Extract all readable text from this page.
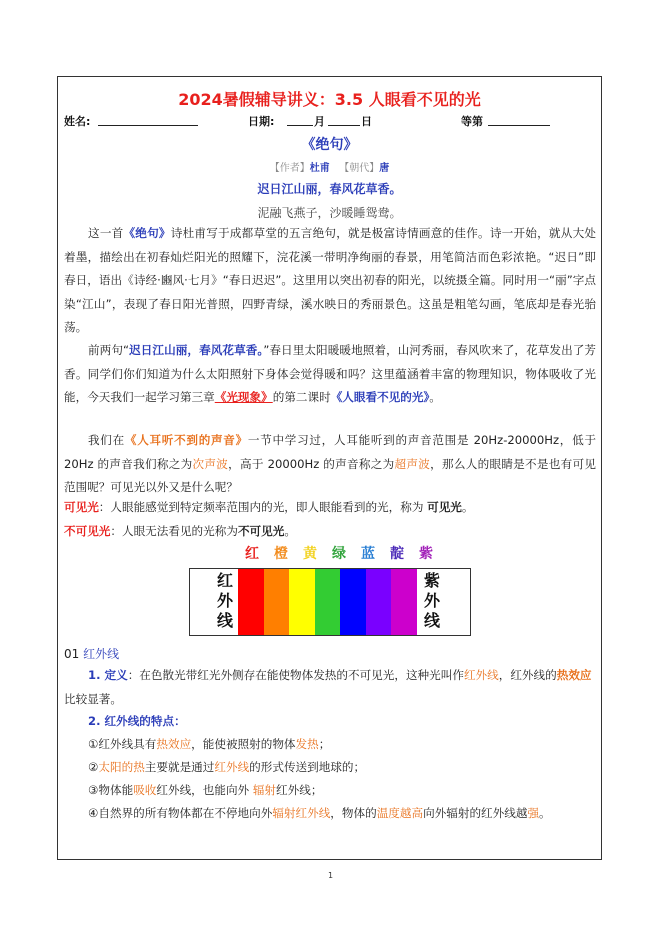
2024暑假辅导讲义：3.5 人眼看不见的光
姓名:	日期:	月	日	等第
《绝句》
【作者】杜甫 【朝代】唐
迟日江山丽，春风花草香。
泥融飞燕子，沙暖睡鸳鸯。
这一首《绝句》诗杜甫写于成都草堂的五言绝句，就是极富诗情画意的佳作。诗一开始，就从大处着墨，描绘出在初春灿烂阳光的照耀下，浣花溪一带明净绚丽的春景，用笔简洁而色彩浓艳。“迟日”即春日，语出《诗经·豳风·七月》“春日迟迟”。这里用以突出初春的阳光，以统摄全篇。同时用一“丽”字点染“江山”，表现了春日阳光普照，四野青绿，溪水映日的秀丽景色。这虽是粗笔勾画，笔底却是春光骀荡。
前两句“迟日江山丽，春风花草香。”春日里太阳暖暖地照着，山河秀丽，春风吹来了，花草发出了芳香。同学们你们知道为什么太阳照射下身体会觉得暖和吗？这里蕴涵着丰富的物理知识，物体吸收了光能，今天我们一起学习第三章《光现象》的第二课时《人眼看不见的光》。
我们在《人耳听不到的声音》一节中学习过，人耳能听到的声音范围是 20Hz-20000Hz，低于 20Hz 的声音我们称之为次声波，高于 20000Hz 的声音称之为超声波，那么人的眼睛是不是也有可见范围呢？可见光以外又是什么呢？
可见光：人眼能感觉到特定频率范围内的光，即人眼能看到的光，称为 可见光。
不可见光：人眼无法看见的光称为不可见光。
红 橙 黄 绿 蓝 靛 紫
红
外
线
紫
外
线
01 红外线
1. 定义：在色散光带红光外侧存在能使物体发热的不可见光，这种光叫作红外线，红外线的热效应比较显著。
2. 红外线的特点：
①红外线具有热效应，能使被照射的物体发热；
②太阳的热主要就是通过红外线的形式传送到地球的；
③物体能吸收红外线，也能向外 辐射红外线；
④自然界的所有物体都在不停地向外辐射红外线，物体的温度越高向外辐射的红外线越强。
1
